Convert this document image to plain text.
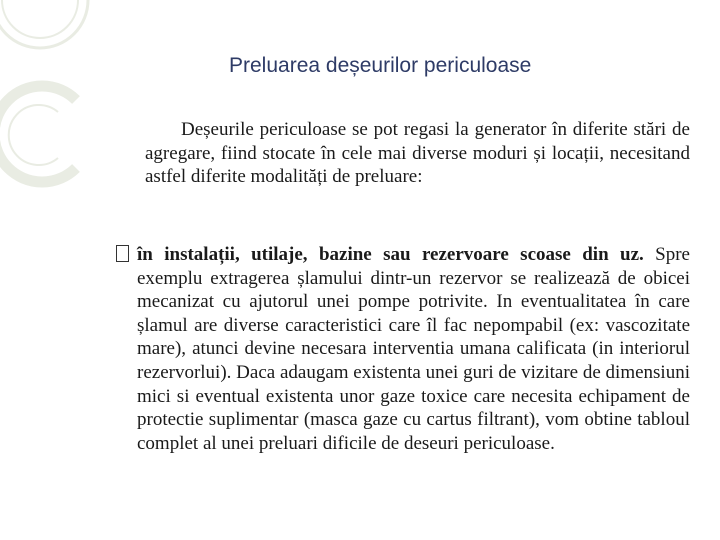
Preluarea deșeurilor periculoase

Deșeurile periculoase se pot regasi la generator în diferite stări de agregare, fiind stocate în cele mai diverse moduri și locații, necesitand astfel diferite modalități de preluare:

în instalații, utilaje, bazine sau rezervoare scoase din uz. Spre exemplu extragerea șlamului dintr-un rezervor se realizează de obicei mecanizat cu ajutorul unei pompe potrivite. In eventualitatea în care șlamul are diverse caracteristici care îl fac nepompabil (ex: vascozitate mare), atunci devine necesara interventia umana calificata (in interiorul rezervorlui). Daca adaugam existenta unei guri de vizitare de dimensiuni mici si eventual existenta unor gaze toxice care necesita echipament de protectie suplimentar (masca gaze cu cartus filtrant), vom obtine tabloul complet al unei preluari dificile de deseuri periculoase.
